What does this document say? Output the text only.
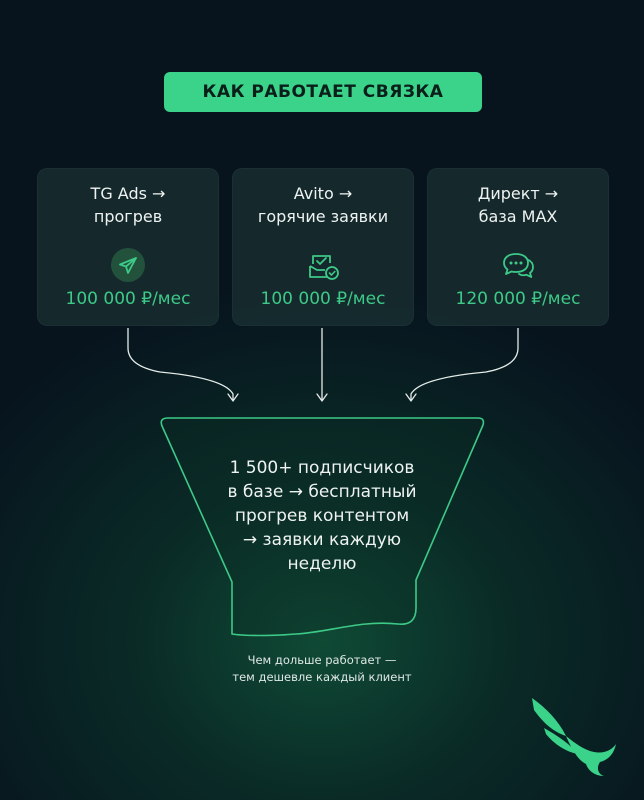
КАК РАБОТАЕТ СВЯЗКА
TG Ads →
прогрев
100 000 ₽/мес
Avito →
горячие заявки
100 000 ₽/мес
Директ →
база MAX
120 000 ₽/мес
1 500+ подписчиков
в базе → бесплатный
прогрев контентом
→ заявки каждую
неделю
Чем дольше работает —
тем дешевле каждый клиент
